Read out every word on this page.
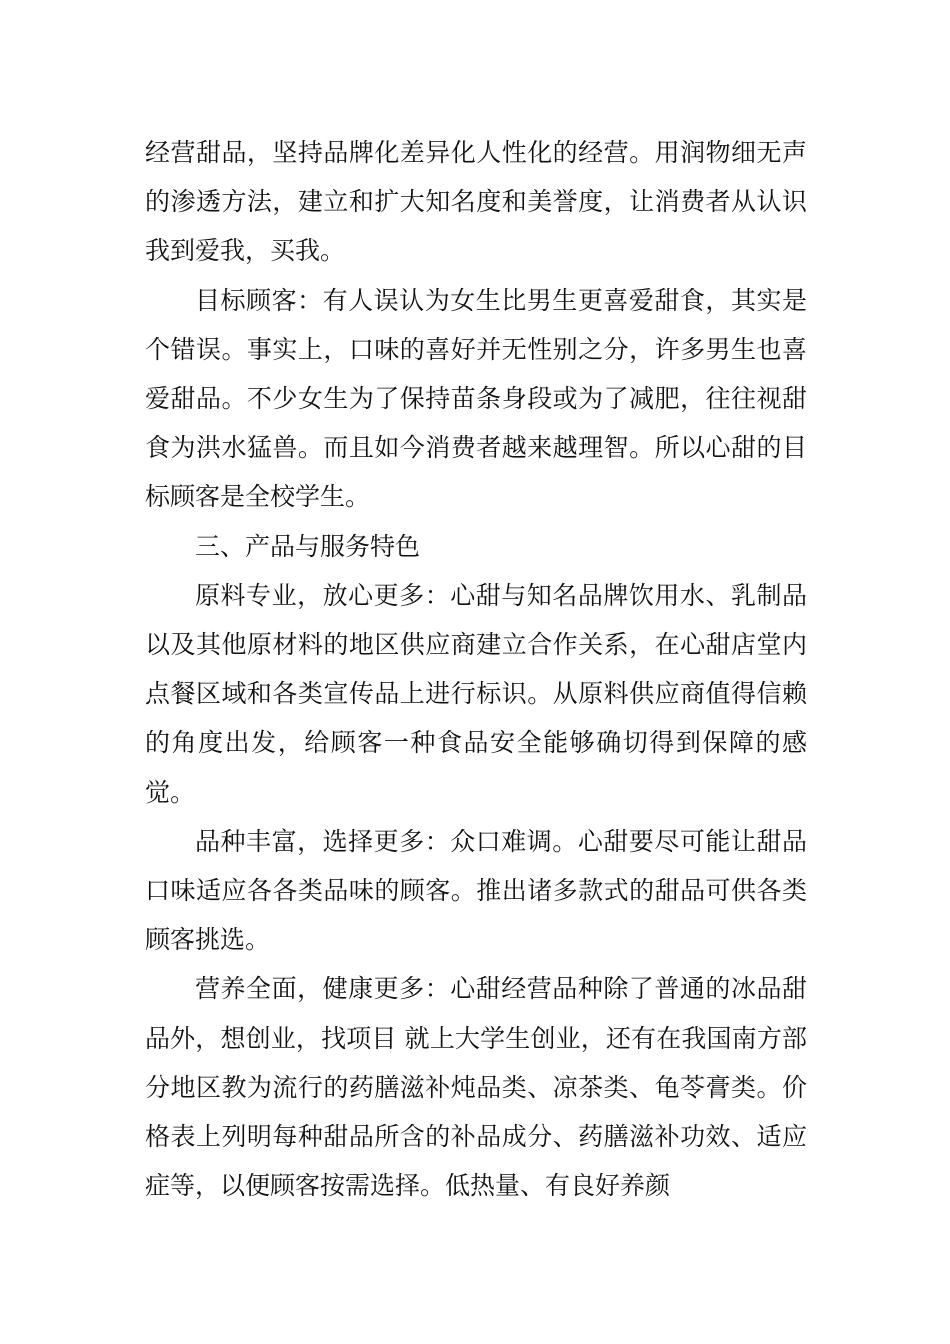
经营甜品，坚持品牌化差异化人性化的经营。用润物细无声的渗透方法，建立和扩大知名度和美誉度，让消费者从认识我到爱我，买我。

目标顾客：有人误认为女生比男生更喜爱甜食，其实是个错误。事实上，口味的喜好并无性别之分，许多男生也喜爱甜品。不少女生为了保持苗条身段或为了减肥，往往视甜食为洪水猛兽。而且如今消费者越来越理智。所以心甜的目标顾客是全校学生。

三、产品与服务特色

原料专业，放心更多：心甜与知名品牌饮用水、乳制品以及其他原材料的地区供应商建立合作关系，在心甜店堂内点餐区域和各类宣传品上进行标识。从原料供应商值得信赖的角度出发，给顾客一种食品安全能够确切得到保障的感觉。

品种丰富，选择更多：众口难调。心甜要尽可能让甜品口味适应各各类品味的顾客。推出诸多款式的甜品可供各类顾客挑选。

营养全面，健康更多：心甜经营品种除了普通的冰品甜品外，想创业，找项目 就上大学生创业，还有在我国南方部分地区教为流行的药膳滋补炖品类、凉茶类、龟苓膏类。价格表上列明每种甜品所含的补品成分、药膳滋补功效、适应症等，以便顾客按需选择。低热量、有良好养颜
